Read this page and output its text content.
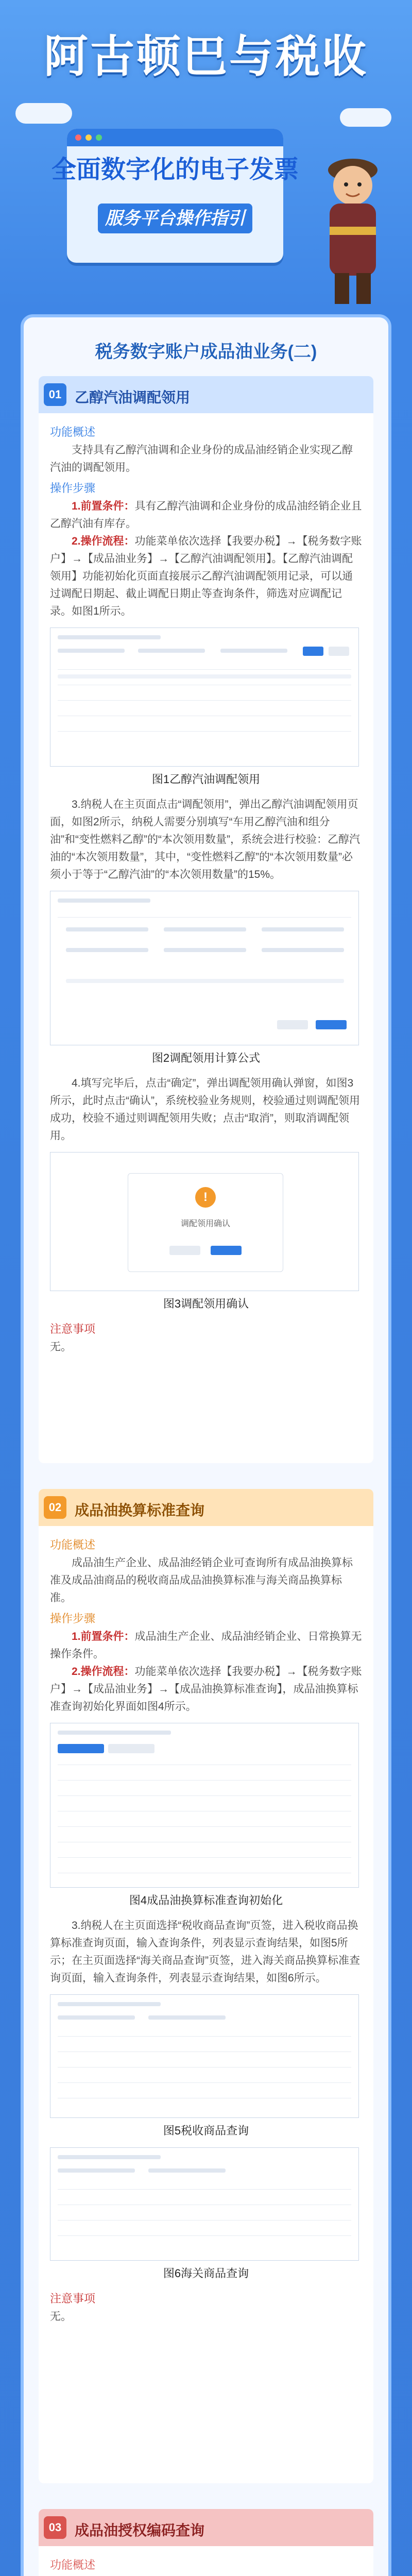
阿古顿巴与税收
全面数字化的电子发票
服务平台操作指引
税务数字账户成品油业务(二)
01 乙醇汽油调配领用
功能概述

支持具有乙醇汽油调和企业身份的成品油经销企业实现乙醇汽油的调配领用。

操作步骤

1.前置条件：具有乙醇汽油调和企业身份的成品油经销企业且乙醇汽油有库存。

2.操作流程：功能菜单依次选择【我要办税】→【税务数字账户】→【成品油业务】→【乙醇汽油调配领用】。【乙醇汽油调配领用】功能初始化页面直接展示乙醇汽油调配领用记录，可以通过调配日期起、截止调配日期止等查询条件，筛选对应调配记录。如图1所示。

图1乙醇汽油调配领用

3.纳税人在主页面点击“调配领用”，弹出乙醇汽油调配领用页面，如图2所示，纳税人需要分别填写“车用乙醇汽油和组分油”和“变性燃料乙醇”的“本次领用数量”，系统会进行校验：乙醇汽油的“本次领用数量”，其中，“变性燃料乙醇”的“本次领用数量”必须小于等于“乙醇汽油”的“本次领用数量”的15%。

图2调配领用计算公式

4.填写完毕后，点击“确定”，弹出调配领用确认弹窗，如图3所示，此时点击“确认”，系统校验业务规则，校验通过则调配领用成功，校验不通过则调配领用失败；点击“取消”，则取消调配领用。

!
调配领用确认
图3调配领用确认
注意事项

无。

02 成品油换算标准查询
功能概述

成品油生产企业、成品油经销企业可查询所有成品油换算标准及成品油商品的税收商品成品油换算标准与海关商品换算标准。

操作步骤

1.前置条件：成品油生产企业、成品油经销企业、日常换算无操作条件。

2.操作流程：功能菜单依次选择【我要办税】→【税务数字账户】→【成品油业务】→【成品油换算标准查询】，成品油换算标准查询初始化界面如图4所示。

图4成品油换算标准查询初始化

3.纳税人在主页面选择“税收商品查询”页签，进入税收商品换算标准查询页面，输入查询条件，列表显示查询结果，如图5所示；在主页面选择“海关商品查询”页签，进入海关商品换算标准查询页面，输入查询条件，列表显示查询结果，如图6所示。

图5税收商品查询
图6海关商品查询
注意事项

无。

03 成品油授权编码查询
功能概述
